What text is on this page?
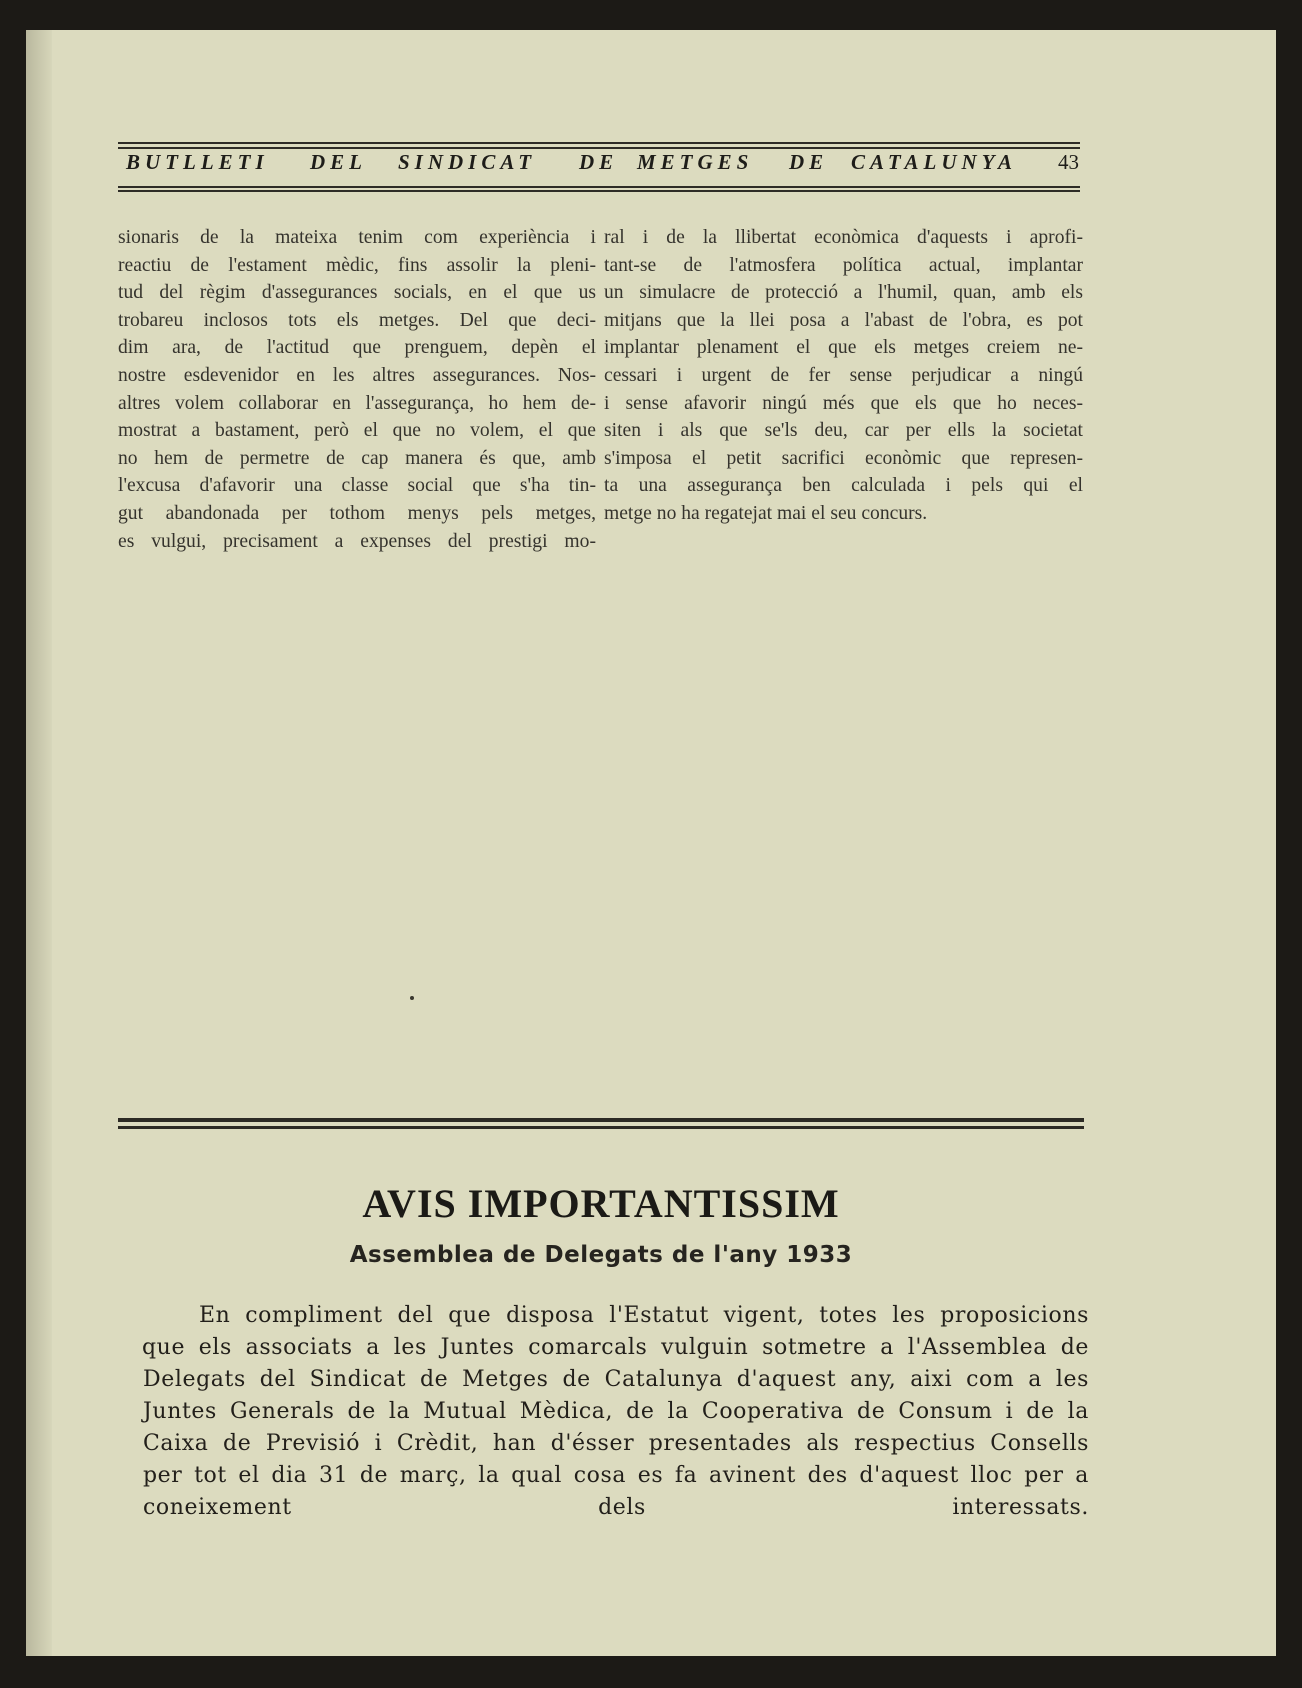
BUTLLETI DEL SINDICAT DE METGES DE CATALUNYA 43
sionaris de la mateixa tenim com experiència i
reactiu de l'estament mèdic, fins assolir la pleni-
tud del règim d'assegurances socials, en el que us
trobareu inclosos tots els metges. Del que deci-
dim ara, de l'actitud que prenguem, depèn el
nostre esdevenidor en les altres assegurances. Nos-
altres volem collaborar en l'assegurança, ho hem de-
mostrat a bastament, però el que no volem, el que
no hem de permetre de cap manera és que, amb
l'excusa d'afavorir una classe social que s'ha tin-
gut abandonada per tothom menys pels metges,
es vulgui, precisament a expenses del prestigi mo-
ral i de la llibertat econòmica d'aquests i aprofi-
tant-se de l'atmosfera política actual, implantar
un simulacre de protecció a l'humil, quan, amb els
mitjans que la llei posa a l'abast de l'obra, es pot
implantar plenament el que els metges creiem ne-
cessari i urgent de fer sense perjudicar a ningú
i sense afavorir ningú més que els que ho neces-
siten i als que se'ls deu, car per ells la societat
s'imposa el petit sacrifici econòmic que represen-
ta una assegurança ben calculada i pels qui el
metge no ha regatejat mai el seu concurs.
AVIS IMPORTANTISSIM
Assemblea de Delegats de l'any 1933
En compliment del que disposa l'Estatut vigent, totes les proposicions
que els associats a les Juntes comarcals vulguin sotmetre a l'Assemblea de
Delegats del Sindicat de Metges de Catalunya d'aquest any, aixi com a les
Juntes Generals de la Mutual Mèdica, de la Cooperativa de Consum i de la
Caixa de Previsió i Crèdit, han d'ésser presentades als respectius Consells
per tot el dia 31 de març, la qual cosa es fa avinent des d'aquest lloc per a
coneixement dels interessats.
